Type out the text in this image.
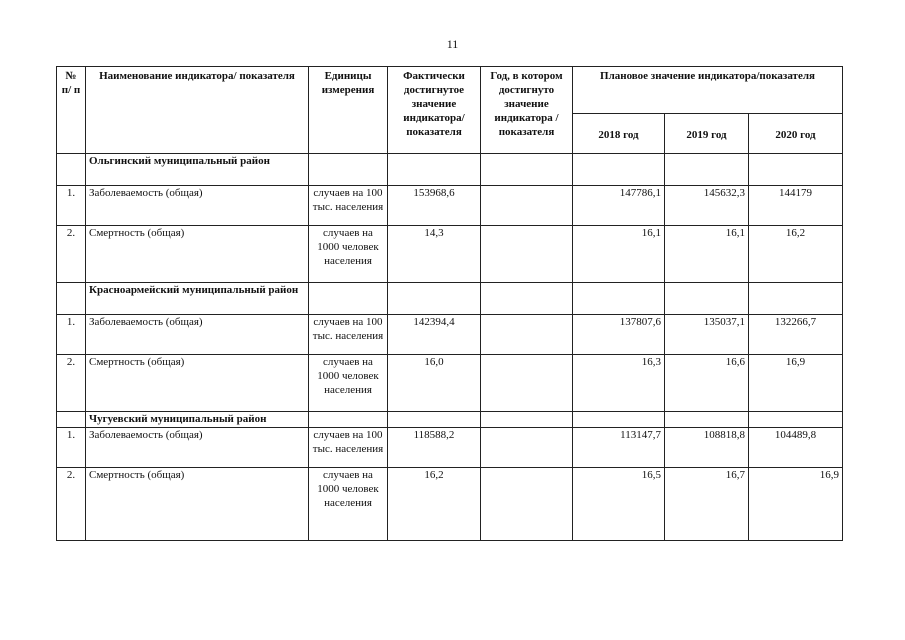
11
№ п/ п	Наименование индикатора/ показателя	Единицы измерения	Фактически достигнутое значение индикатора/ показателя	Год, в котором достигнуто значение индикатора /показателя	Плановое значение индикатора/показателя		
					2018 год	2019 год	2020 год
	Ольгинский муниципальный район						
1.	Заболеваемость (общая)	случаев на 100 тыс. населения	153968,6		147786,1	145632,3	144179
2.	Смертность (общая)	случаев на 1000 человек населения	14,3		16,1	16,1	16,2
	Красноармейский муниципальный район						
1.	Заболеваемость (общая)	случаев на 100 тыс. населения	142394,4		137807,6	135037,1	132266,7
2.	Смертность (общая)	случаев на 1000 человек населения	16,0		16,3	16,6	16,9
	Чугуевский муниципальный район						
1.	Заболеваемость (общая)	случаев на 100 тыс. населения	118588,2		113147,7	108818,8	104489,8
2.	Смертность (общая)	случаев на 1000 человек населения	16,2		16,5	16,7	16,9
